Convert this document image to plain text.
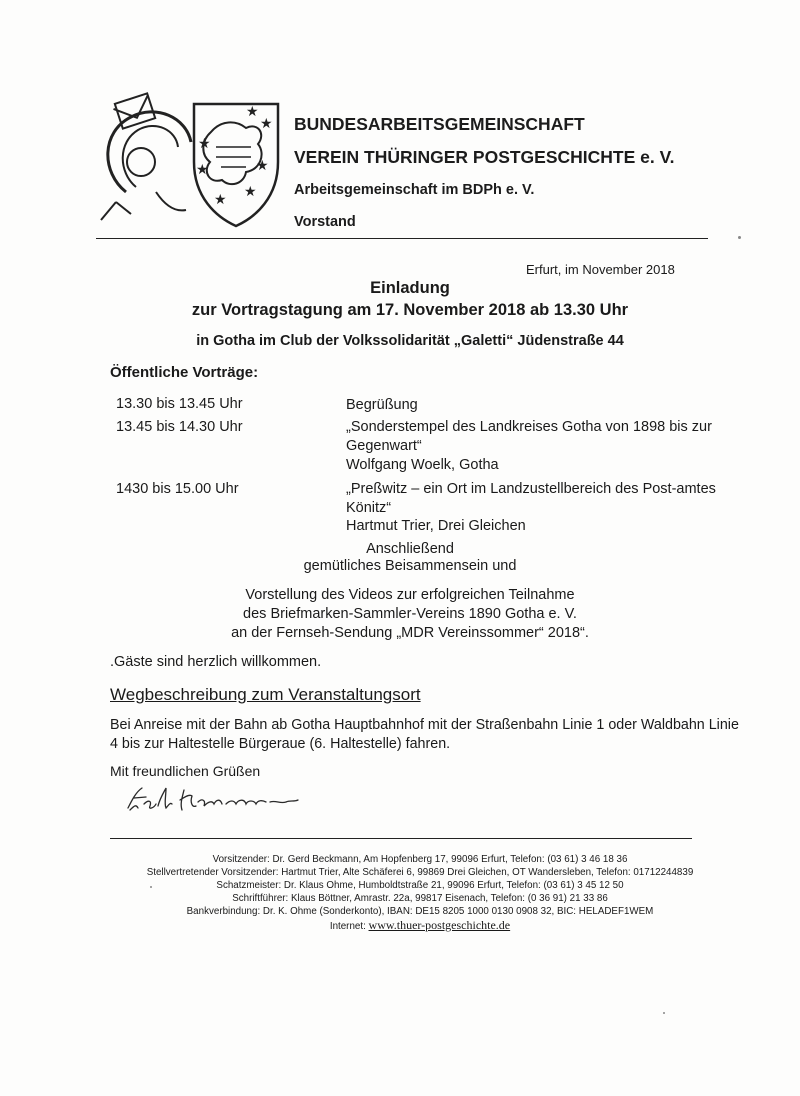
★
★
★
★	★
★
★
BUNDESARBEITSGEMEINSCHAFT
VEREIN THÜRINGER POSTGESCHICHTE e. V.
Arbeitsgemeinschaft im BDPh e. V.
Vorstand
Erfurt, im November 2018
Einladung
zur Vortragstagung am 17. November 2018 ab 13.30 Uhr
in Gotha im Club der Volkssolidarität „Galetti“ Jüdenstraße 44
Öffentliche Vorträge:
13.30 bis 13.45 Uhr	Begrüßung
13.45 bis 14.30 Uhr	„Sonderstempel des Landkreises Gotha von 1898 bis zur Gegenwart“
Wolfgang Woelk, Gotha
1430 bis 15.00 Uhr	„Preßwitz – ein Ort im Landzustellbereich des Post-amtes Könitz“
Hartmut Trier, Drei Gleichen
Anschließend
gemütliches Beisammensein und
Vorstellung des Videos zur erfolgreichen Teilnahme
des Briefmarken-Sammler-Vereins 1890 Gotha e. V.
an der Fernseh-Sendung „MDR Vereinssommer“ 2018“.
.Gäste sind herzlich willkommen.
Wegbeschreibung zum Veranstaltungsort
Bei Anreise mit der Bahn ab Gotha Hauptbahnhof mit der Straßenbahn Linie 1 oder Waldbahn Linie 4 bis zur Haltestelle Bürgeraue (6. Haltestelle) fahren.
Mit freundlichen Grüßen
Vorsitzender: Dr. Gerd Beckmann, Am Hopfenberg 17, 99096 Erfurt, Telefon: (03 61) 3 46 18 36
Stellvertretender Vorsitzender: Hartmut Trier, Alte Schäferei 6, 99869 Drei Gleichen, OT Wandersleben, Telefon: 01712244839
Schatzmeister: Dr. Klaus Ohme, Humboldtstraße 21, 99096 Erfurt, Telefon: (03 61) 3 45 12 50
Schriftführer: Klaus Böttner, Amrastr. 22a, 99817 Eisenach, Telefon: (0 36 91) 21 33 86
Bankverbindung: Dr. K. Ohme (Sonderkonto), IBAN: DE15 8205 1000 0130 0908 32, BIC: HELADEF1WEM
Internet: www.thuer-postgeschichte.de
